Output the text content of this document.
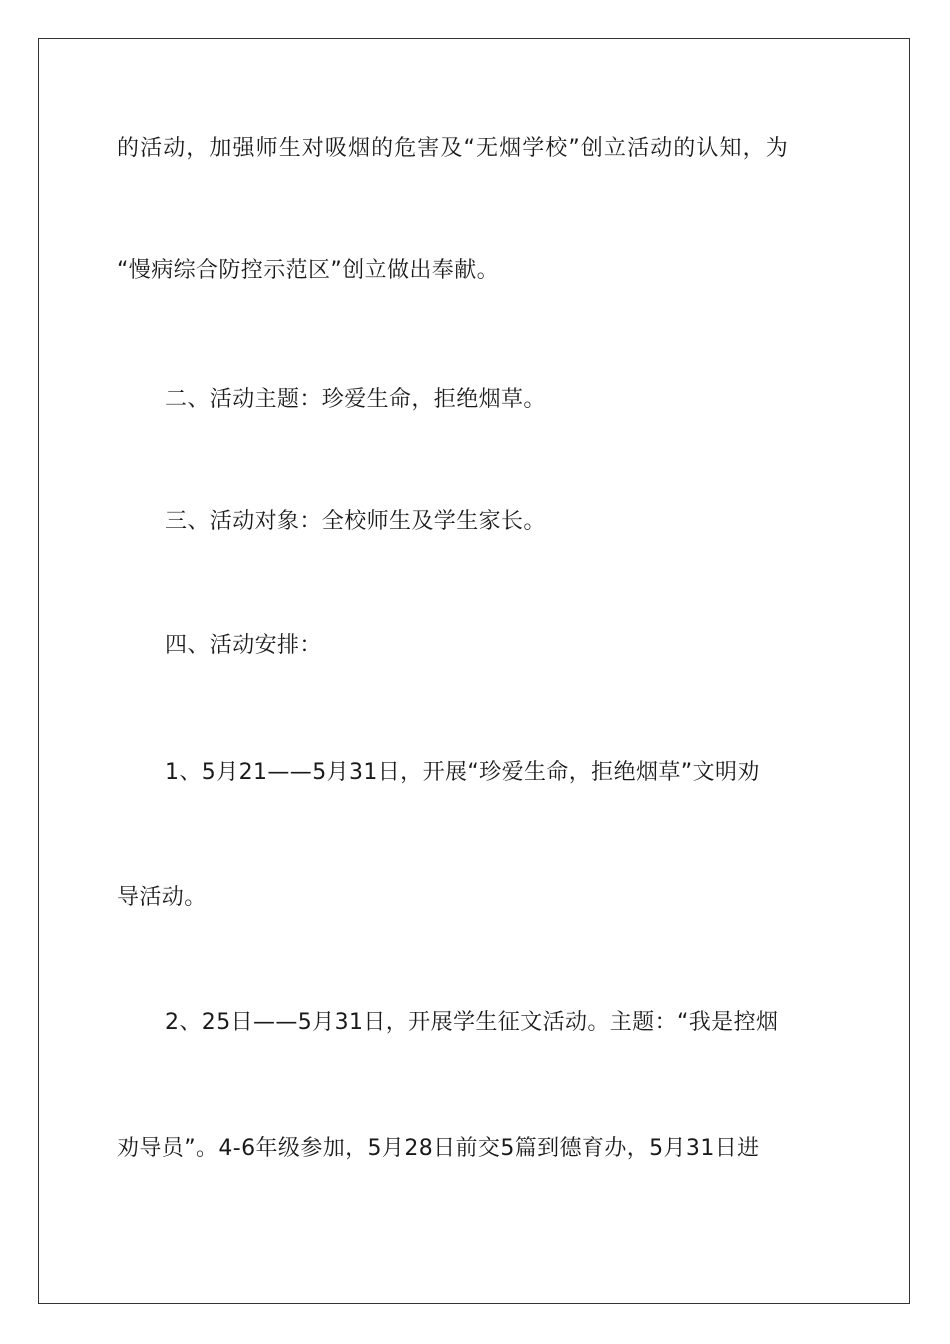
的活动，加强师生对吸烟的危害及“无烟学校”创立活动的认知，为
“慢病综合防控示范区”创立做出奉献。
二、活动主题：珍爱生命，拒绝烟草。
三、活动对象：全校师生及学生家长。
四、活动安排：
1、5月21——5月31日，开展“珍爱生命，拒绝烟草”文明劝
导活动。
2、25日——5月31日，开展学生征文活动。主题：“我是控烟
劝导员”。4-6年级参加，5月28日前交5篇到德育办，5月31日进
